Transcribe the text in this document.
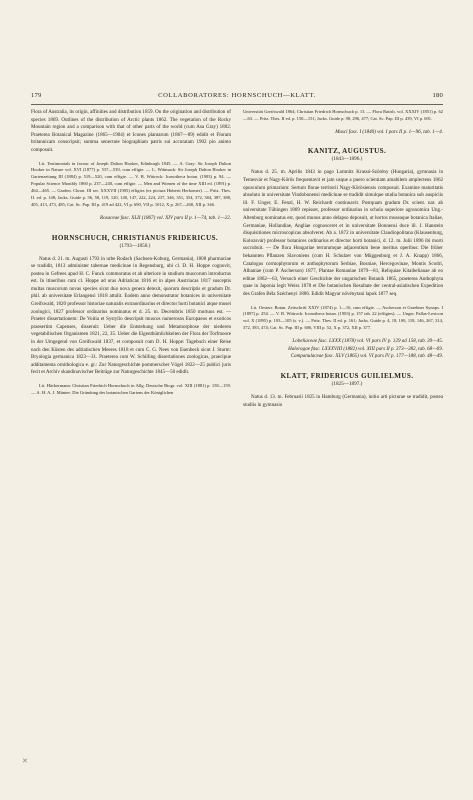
179	COLLABORATORES: HORNSCHUCH—KLATT.	180

Flora of Australia, its origin, affinities and distribution 1859. On the origination and distribution of species 1869. Outlines of the distribution of Arctic plants 1862. The vegetation of the Rocky Mountain region and a comparison with that of other parts of the world (cum Asa Gray) 1882. Praeterea Botanical Magazine (1865—1904) et Icones plantarum (1867—89) edidit et Floram britannicam conscripsit; summa senectute biographiam patris sui accuratam 1902 pio animo composuit.

Lit. Testimonials in favour of Joseph Dalton Hooker, Edinburgh 1845. — A. Gray: Sir Joseph Dalton Hooker in Nature vol. XVI (1877) p. 537—539, cum effigie. — L. Wittmack: Sir Joseph Dalton Hooker in Gartenzeitung III (1884) p. 519—520, cum effigie. — V. B. Wittrock: Iconotheca botan. (1903) p. 94. — Popular Science Monthly 1860 p. 237—240, cum effigie. — Men and Women of the time XIII ed. (1891) p. 464—465. — Garden. Chron. III ser. XXXVII (1905) effigies (ex pictura Huberti Herkomer). — Pritz. Thes. II. ed. p. 148; Jacks. Guide p. 56, 58, 119, 120, 140, 147, 222, 224, 237, 346, 351, 354, 372, 384, 387, 388, 405, 413, 473, 485; Cat. Sc. Pap. III p. 419 ad 422, VI p. 690, VII p. 1012, X p. 267—268, XII p. 346.

Rosaceae fasc. XLII (1867) vol. XIV pars II p. 1—74, tab. 1—22.

HORNSCHUCH, CHRISTIANUS FRIDERICUS.

(1793—1850.)

Natus d. 21. m. Augusti 1793 in urbe Rodach (Sachsen-Koburg, Germania), 1808 pharmaciae se tradidit, 1813 administer tabernae medicinae in Regensburg, ubi cl. D. H. Hoppe cognovit, postea in Gefrees apud H. C. Funck commoratus et ab ulteriore in studium muscorum introductus est. In itineribus cum cl. Hoppe ad oras Adriaticas 1816 et in alpes Austriacas 1817 susceptis multas muscorum novas species sicut duo nova genera detexit, quorum descriptis et gradum Dr. phil. ab universitate Erlangensi 1818 attulit. Eodem anno demonstrator botanices in universitate Greifswald, 1820 professor historiae naturalis extraordinarius et director horti botanici atque musei zoologici, 1827 professor ordinarius nominatus et d. 25. m. Decembris 1850 mortuus est. — Praeter dissertationem: De Voitia et Systylio descripsit muscos numerosos Europaeos et exoticos praesertim Capenses, disseruit: Ueber die Entstehung und Metamorphose der niederen vegetabilischen Organismen 1821, 22, 35. Ueber die Eigenthümlichkeiten der Flora der Torfmoore in der Umgegend von Greifswald 1837, et composuit cum D. H. Hoppe: Tagebuch einer Reise nach den Küsten des adriatischen Meeres 1818 et cum C. G. Nees von Esenbeck sicut J. Sturm: Bryologia germanica 1823—31. Praeterea cum W. Schilling dissertationes zoologicas, praecipue additamenta ornithologica e. gr.: Zur Naturgeschichte pommerscher Vögel 1822—25 publici juris fecit et Archiv skandinavischer Beiträge zur Naturgeschichte 1845—50 edidit.

Lit. Häckermann: Christian Friedrich Hornschuch in Allg. Deutsche Biogr. vol. XIII (1881) p. 158—159. — A. H. A. J. Münter: Die Gründung des botanischen Gartens der Königlichen

Universität Greifswald 1864; Christian Friedrich Hornschuch p. 13. — Flora Ratisb. vol. XXXIV (1851) p. 62—63. — Pritz. Thes. II ed. p. 150—151; Jacks. Guide p. 98, 296, 477; Cat. Sc. Pap. III p. 439, VI p. 691.

Musci fasc. I (1840) vol. I pars II p. 1—96, tab. 1—4.

KANITZ, AUGUSTUS.

(1843—1896.)

Natus d. 25. m. Aprilis 1843 in pago Lomnitz Krassó-Szörény (Hungaria), gymnasia in Temesvár et Nagy-Körös frequentavit et jam usque a puero scientiam amabilem amplectens 1862 opusculum primarium: Sertum florae territorii Nagy-Körösiensis composuit. Examine maturitatis absoluto in universitate Vindobonensi medicinae se tradidit simulque studia botanica sub auspiciis ill. F. Unger, E. Fenzl, H. W. Reichardt continuavit. Postquam gradum Dr. scient. nat. ab universitate Tübingen 1869 cepisset, professor ordinarius in schola superiore agronomica Ung.-Altenburg nominatus est, quod munus anno delapso deposuit, ut hortos museaque botanica Italiae, Germaniae, Hollandiae, Angliae cognosceret et in universitate Bonnensi duce ill. J. Hanstein disquisitiones microscopicas absolveret. Ab a. 1872 in universitate Claudiopolitana (Klausenburg, Kolozsvár) professor botanices ordinarius et director horti botanici, d. 12. m. Julii 1896 ibi morti succubuit. — De flora Hungariae terrarumque adjacentium bene meritus operibus: Die früher bekannten Pflanzen Slavoniens (cum H. Schulzer von Müggenburg et J. A. Knapp) 1866, Catalogus cormophytorum et anthophytorum Serbiae, Bosniae, Hercegovinae, Montis Scodri, Albaniae (cum P. Ascherson) 1877, Plantae Romaniae 1879—81, Reliquiae Kitaibelianae ab eo editae 1862—63, Versuch einer Geschichte der ungarischen Botanik 1865, praeterea Anthophyta quae in Japonia legit Weiss 1878 et Die botanischen Resultate der central-asiatischen Expedition des Grafen Béla Széchenyi 1886. Edidit Magyar növénytani lapok 1877 seq.

Lit. Oesterr. Botan. Zeitschrift XXIV (1874) p. 1—16, cum effigie. — Ascherson et Graebner Synops. I (1897) p. 254. — V. B. Wittrock: Iconotheca botan. (1903) p. 157 tab. 22 (effigies). — Unger. Pallas-Lexicon vol. X (1895) p. 103—105 (s. v.). — Pritz. Thes. II ed. p. 161; Jacks. Guide p. 4, 18, 100, 118, 146, 267, 314, 372, 383, 474; Cat. Sc. Pap. III p. 606, VIII p. 52, X p. 372, XII p. 377.

Lobeliaceae fasc. LXXX (1878) vol. VI pars IV p. 129 ad 158, tab. 39—45.

Haloragae fasc. LXXXVIII (1882) vol. XIII pars II p. 373—382, tab. 68—69.

Campanulaceae fasc. XLV (1865) vol. VI pars IV p. 177—188, tab. 48—49.

KLATT, FRIDERICUS GUILIELMUS.

(1825—1897.)

Natus d. 13. m. Februarii 1825 in Hamburg (Germania), initio arti picturae se tradidit, postea studiis in gymnasio

✕
